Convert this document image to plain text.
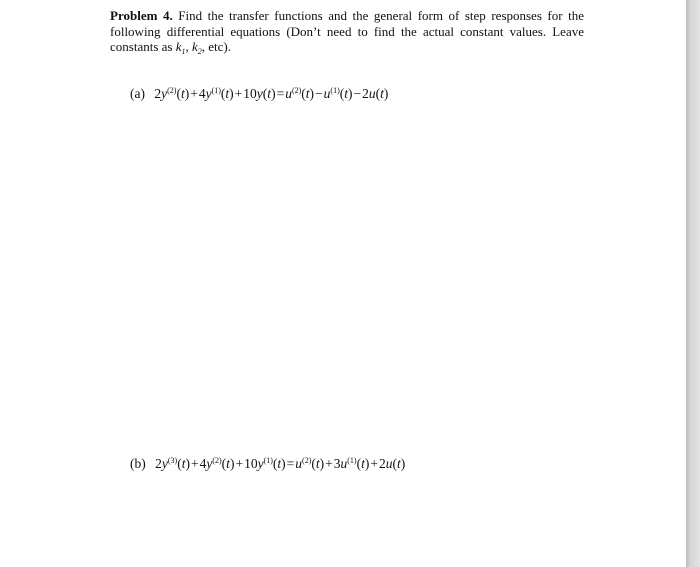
Problem 4. Find the transfer functions and the general form of step responses for the following differential equations (Don’t need to find the actual constant values. Leave constants as $k_1$, $k_2$, etc).
(a) $2y^{(2)}(t)+4y^{(1)}(t)+10y(t)=u^{(2)}(t)-u^{(1)}(t)-2u(t)$
(b) $2y^{(3)}(t)+4y^{(2)}(t)+10y^{(1)}(t)=u^{(2)}(t)+3u^{(1)}(t)+2u(t)$
